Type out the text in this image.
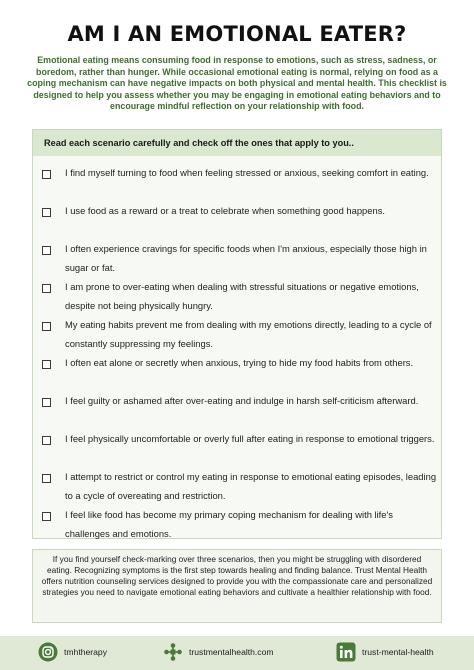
AM I AN EMOTIONAL EATER?
Emotional eating means consuming food in response to emotions, such as stress, sadness, or boredom, rather than hunger. While occasional emotional eating is normal, relying on food as a coping mechanism can have negative impacts on both physical and mental health. This checklist is designed to help you assess whether you may be engaging in emotional eating behaviors and to encourage mindful reflection on your relationship with food.
Read each scenario carefully and check off the ones that apply to you..
I find myself turning to food when feeling stressed or anxious, seeking comfort in eating.
I use food as a reward or a treat to celebrate when something good happens.
I often experience cravings for specific foods when I'm anxious, especially those high in sugar or fat.
I am prone to over-eating when dealing with stressful situations or negative emotions, despite not being physically hungry.
My eating habits prevent me from dealing with my emotions directly, leading to a cycle of constantly suppressing my feelings.
I often eat alone or secretly when anxious, trying to hide my food habits from others.
I feel guilty or ashamed after over-eating and indulge in harsh self-criticism afterward.
I feel physically uncomfortable or overly full after eating in response to emotional triggers.
I attempt to restrict or control my eating in response to emotional eating episodes, leading to a cycle of overeating and restriction.
I feel like food has become my primary coping mechanism for dealing with life's challenges and emotions.
If you find yourself check-marking over three scenarios, then you might be struggling with disordered eating. Recognizing symptoms is the first step towards healing and finding balance. Trust Mental Health offers nutrition counseling services designed to provide you with the compassionate care and personalized strategies you need to navigate emotional eating behaviors and cultivate a healthier relationship with food.
tmhtherapy	trustmentalhealth.com	trust-mental-health
